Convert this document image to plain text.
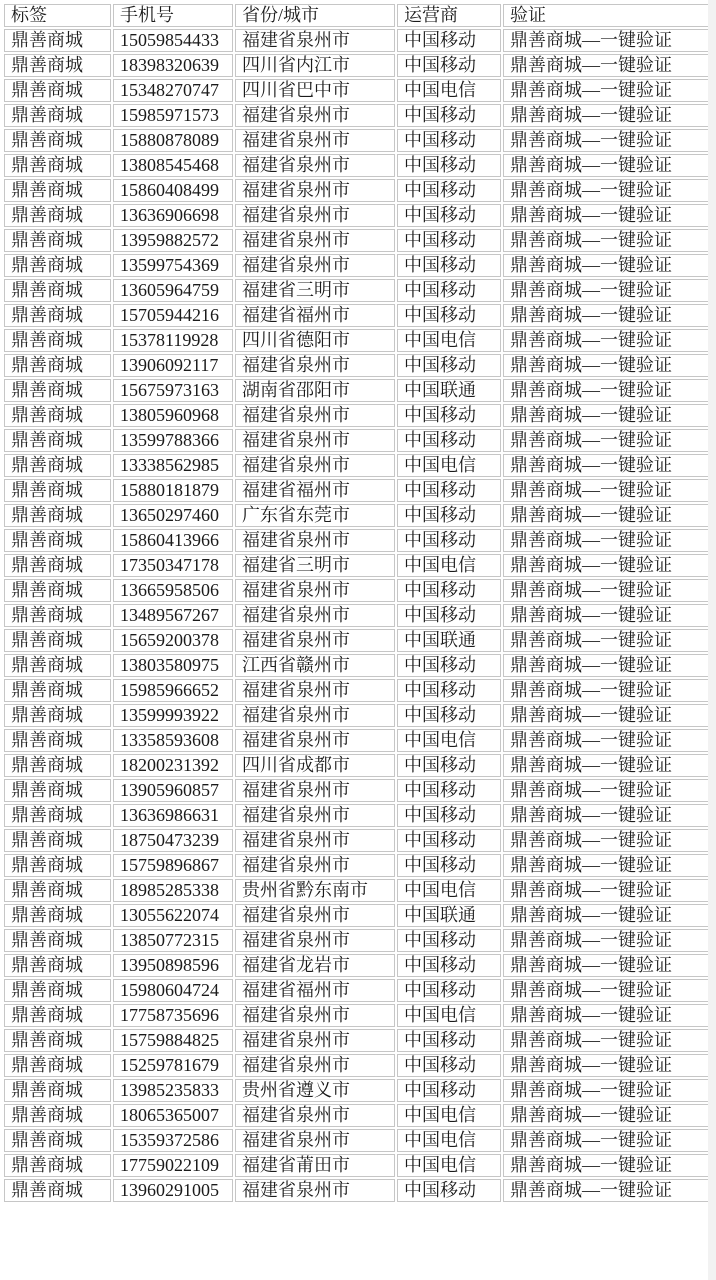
标签	手机号	省份/城市	运营商	验证
鼎善商城	15059854433	福建省泉州市	中国移动	鼎善商城—一键验证
鼎善商城	18398320639	四川省内江市	中国移动	鼎善商城—一键验证
鼎善商城	15348270747	四川省巴中市	中国电信	鼎善商城—一键验证
鼎善商城	15985971573	福建省泉州市	中国移动	鼎善商城—一键验证
鼎善商城	15880878089	福建省泉州市	中国移动	鼎善商城—一键验证
鼎善商城	13808545468	福建省泉州市	中国移动	鼎善商城—一键验证
鼎善商城	15860408499	福建省泉州市	中国移动	鼎善商城—一键验证
鼎善商城	13636906698	福建省泉州市	中国移动	鼎善商城—一键验证
鼎善商城	13959882572	福建省泉州市	中国移动	鼎善商城—一键验证
鼎善商城	13599754369	福建省泉州市	中国移动	鼎善商城—一键验证
鼎善商城	13605964759	福建省三明市	中国移动	鼎善商城—一键验证
鼎善商城	15705944216	福建省福州市	中国移动	鼎善商城—一键验证
鼎善商城	15378119928	四川省德阳市	中国电信	鼎善商城—一键验证
鼎善商城	13906092117	福建省泉州市	中国移动	鼎善商城—一键验证
鼎善商城	15675973163	湖南省邵阳市	中国联通	鼎善商城—一键验证
鼎善商城	13805960968	福建省泉州市	中国移动	鼎善商城—一键验证
鼎善商城	13599788366	福建省泉州市	中国移动	鼎善商城—一键验证
鼎善商城	13338562985	福建省泉州市	中国电信	鼎善商城—一键验证
鼎善商城	15880181879	福建省福州市	中国移动	鼎善商城—一键验证
鼎善商城	13650297460	广东省东莞市	中国移动	鼎善商城—一键验证
鼎善商城	15860413966	福建省泉州市	中国移动	鼎善商城—一键验证
鼎善商城	17350347178	福建省三明市	中国电信	鼎善商城—一键验证
鼎善商城	13665958506	福建省泉州市	中国移动	鼎善商城—一键验证
鼎善商城	13489567267	福建省泉州市	中国移动	鼎善商城—一键验证
鼎善商城	15659200378	福建省泉州市	中国联通	鼎善商城—一键验证
鼎善商城	13803580975	江西省赣州市	中国移动	鼎善商城—一键验证
鼎善商城	15985966652	福建省泉州市	中国移动	鼎善商城—一键验证
鼎善商城	13599993922	福建省泉州市	中国移动	鼎善商城—一键验证
鼎善商城	13358593608	福建省泉州市	中国电信	鼎善商城—一键验证
鼎善商城	18200231392	四川省成都市	中国移动	鼎善商城—一键验证
鼎善商城	13905960857	福建省泉州市	中国移动	鼎善商城—一键验证
鼎善商城	13636986631	福建省泉州市	中国移动	鼎善商城—一键验证
鼎善商城	18750473239	福建省泉州市	中国移动	鼎善商城—一键验证
鼎善商城	15759896867	福建省泉州市	中国移动	鼎善商城—一键验证
鼎善商城	18985285338	贵州省黔东南市	中国电信	鼎善商城—一键验证
鼎善商城	13055622074	福建省泉州市	中国联通	鼎善商城—一键验证
鼎善商城	13850772315	福建省泉州市	中国移动	鼎善商城—一键验证
鼎善商城	13950898596	福建省龙岩市	中国移动	鼎善商城—一键验证
鼎善商城	15980604724	福建省福州市	中国移动	鼎善商城—一键验证
鼎善商城	17758735696	福建省泉州市	中国电信	鼎善商城—一键验证
鼎善商城	15759884825	福建省泉州市	中国移动	鼎善商城—一键验证
鼎善商城	15259781679	福建省泉州市	中国移动	鼎善商城—一键验证
鼎善商城	13985235833	贵州省遵义市	中国移动	鼎善商城—一键验证
鼎善商城	18065365007	福建省泉州市	中国电信	鼎善商城—一键验证
鼎善商城	15359372586	福建省泉州市	中国电信	鼎善商城—一键验证
鼎善商城	17759022109	福建省莆田市	中国电信	鼎善商城—一键验证
鼎善商城	13960291005	福建省泉州市	中国移动	鼎善商城—一键验证
